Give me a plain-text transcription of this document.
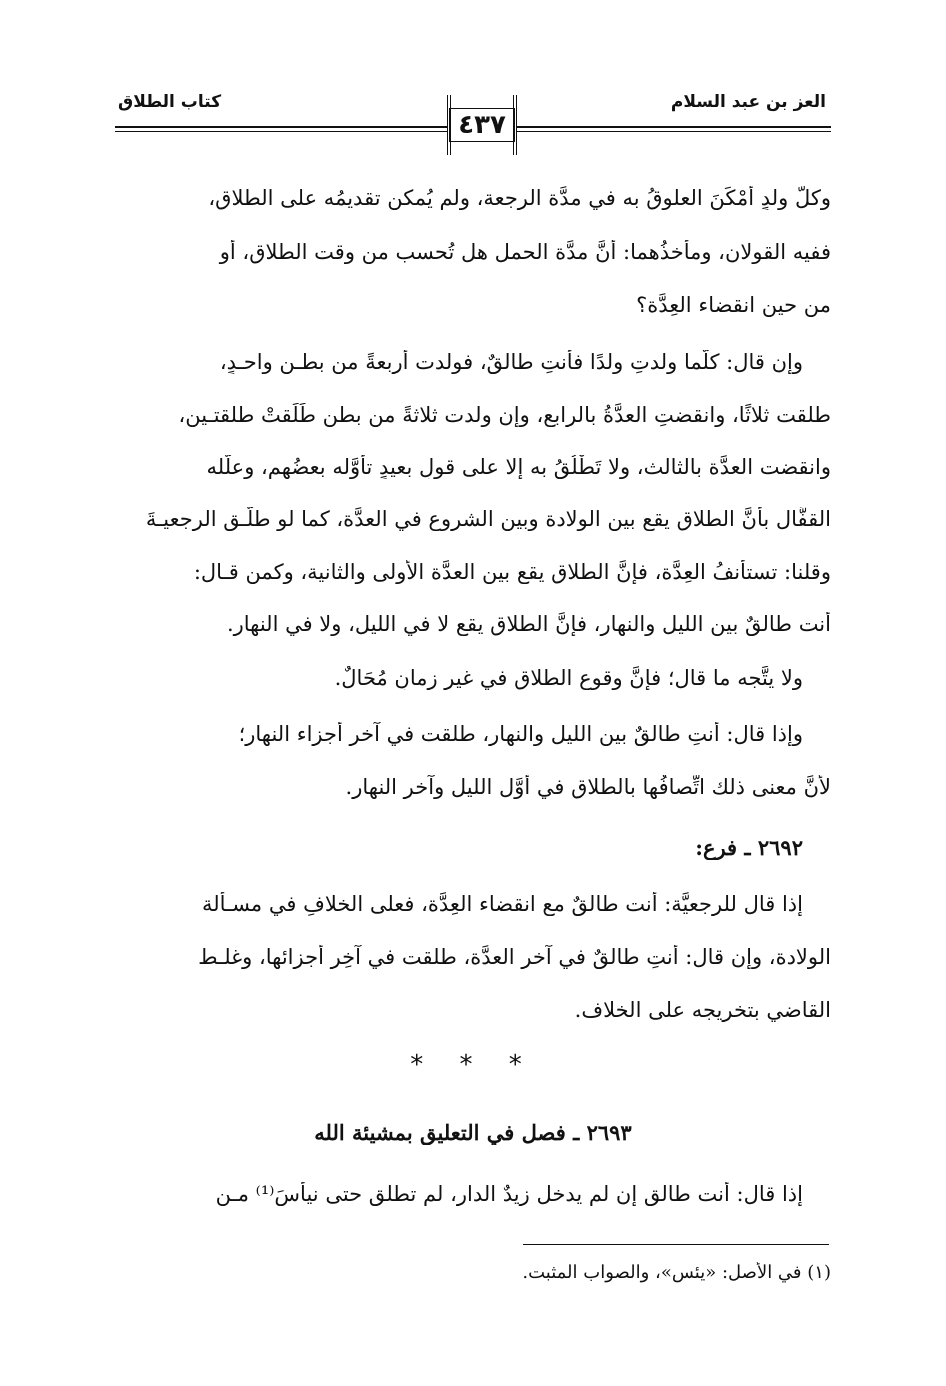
كتاب الطلاق	العز بن عبد السلام
٤٣٧
وكلّ ولدٍ أَمْكَنَ العلوقُ به في مدَّة الرجعة، ولم يُمكن تقديمُه على الطلاق،
ففيه القولان، ومأخذُهما: أنَّ مدَّة الحمل هل تُحسب من وقت الطلاق، أو
من حين انقضاء العِدَّة؟
وإن قال: كلَّما ولدتِ ولدًا فأنتِ طالقٌ، فولدت أربعةً من بطـنٍ واحـدٍ،
طلقت ثلاثًا، وانقضتِ العدَّةُ بالرابع، وإن ولدت ثلاثةً من بطنٍ طَلَقتْ طلقتـين،
وانقضت العدَّة بالثالث، ولا تَطْلُقُ به إلا على قولٍ بعيدٍ تأوَّله بعضُهم، وعلَّله
القفَّال بأنَّ الطلاق يقع بين الولادة وبين الشروع في العدَّة، كما لو طلَّـق الرجعيـةَ
وقلنا: تستأنفُ العِدَّة، فإنَّ الطلاق يقع بين العدَّة الأولى والثانية، وكمن قـال:
أنت طالقٌ بين الليل والنهار، فإنَّ الطلاق يقع لا في الليل، ولا في النهار.
ولا يتَّجه ما قال؛ فإنَّ وقوع الطلاق في غيرِ زمانٍ مُحَالٌ.
وإذا قال: أنتِ طالقٌ بين الليل والنهار، طلقت في آخر أجزاء النهار؛
لأنَّ معنى ذلك اتِّصافُها بالطلاق في أوَّل الليل وآخر النهار.
٢٦٩٢ ـ فرع:
إذا قال للرجعيَّة: أنت طالقٌ مع انقضاء العِدَّة، فعلى الخلافِ في مسـألة
الولادة، وإن قال: أنتِ طالقٌ في آخر العدَّة، طلقت في آخِرِ أجزائها، وغلـط
القاضي بتخريجه على الخلاف.
* * *
٢٦٩٣ ـ فصل في التعليق بمشيئة الله
إذا قال: أنت طالق إن لم يدخل زيدٌ الدار، لم تطلق حتى نيأسَ⁽¹⁾ مـن
(١) في الأصل: «يئس»، والصواب المثبت.
